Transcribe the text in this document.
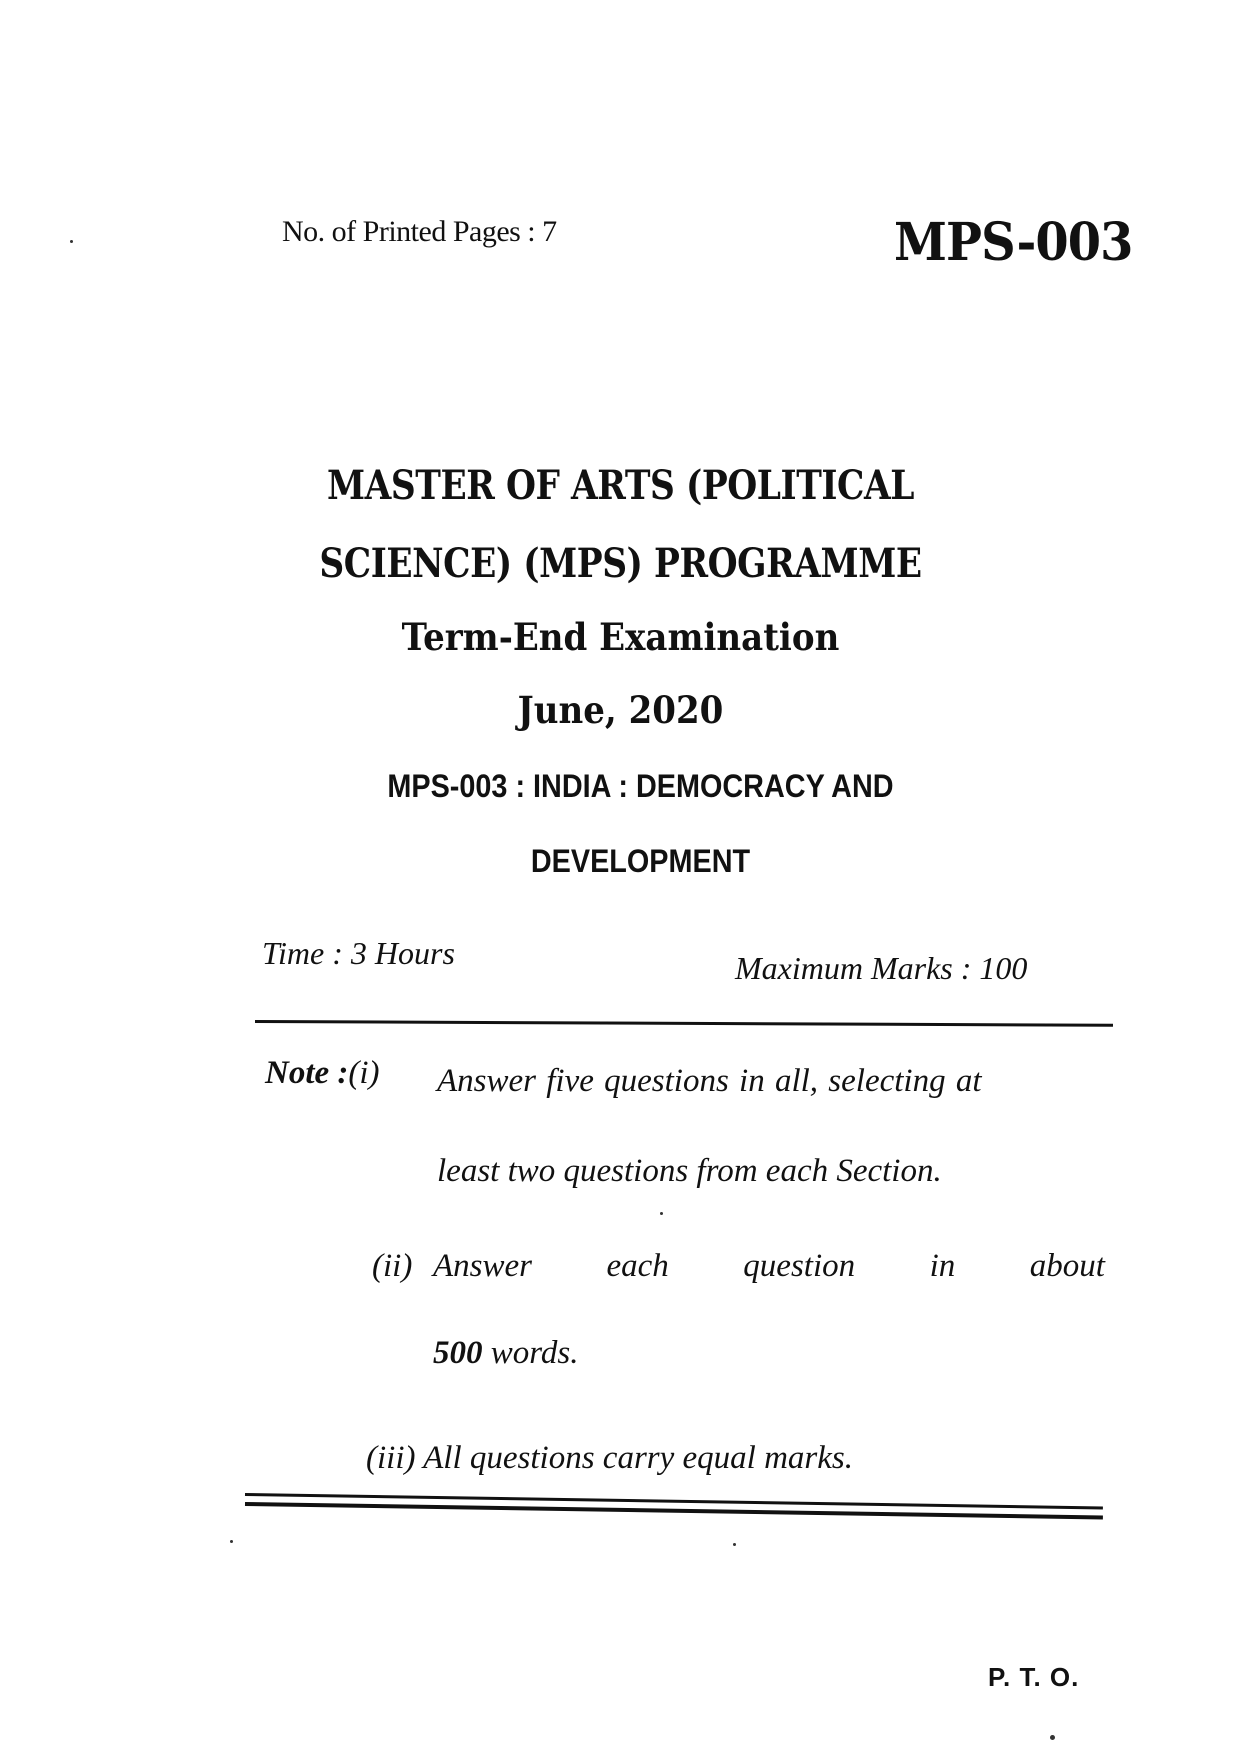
No. of Printed Pages : 7	MPS-003
MASTER OF ARTS (POLITICAL
SCIENCE) (MPS) PROGRAMME
Term-End Examination
June, 2020
MPS-003 : INDIA : DEMOCRACY AND
DEVELOPMENT
Time : 3 Hours	Maximum Marks : 100
Note :(i) Answer five questions in all, selecting at
least two questions from each Section.
(ii) Answer each question in about
500 words.
(iii) All questions carry equal marks.
P. T. O.
